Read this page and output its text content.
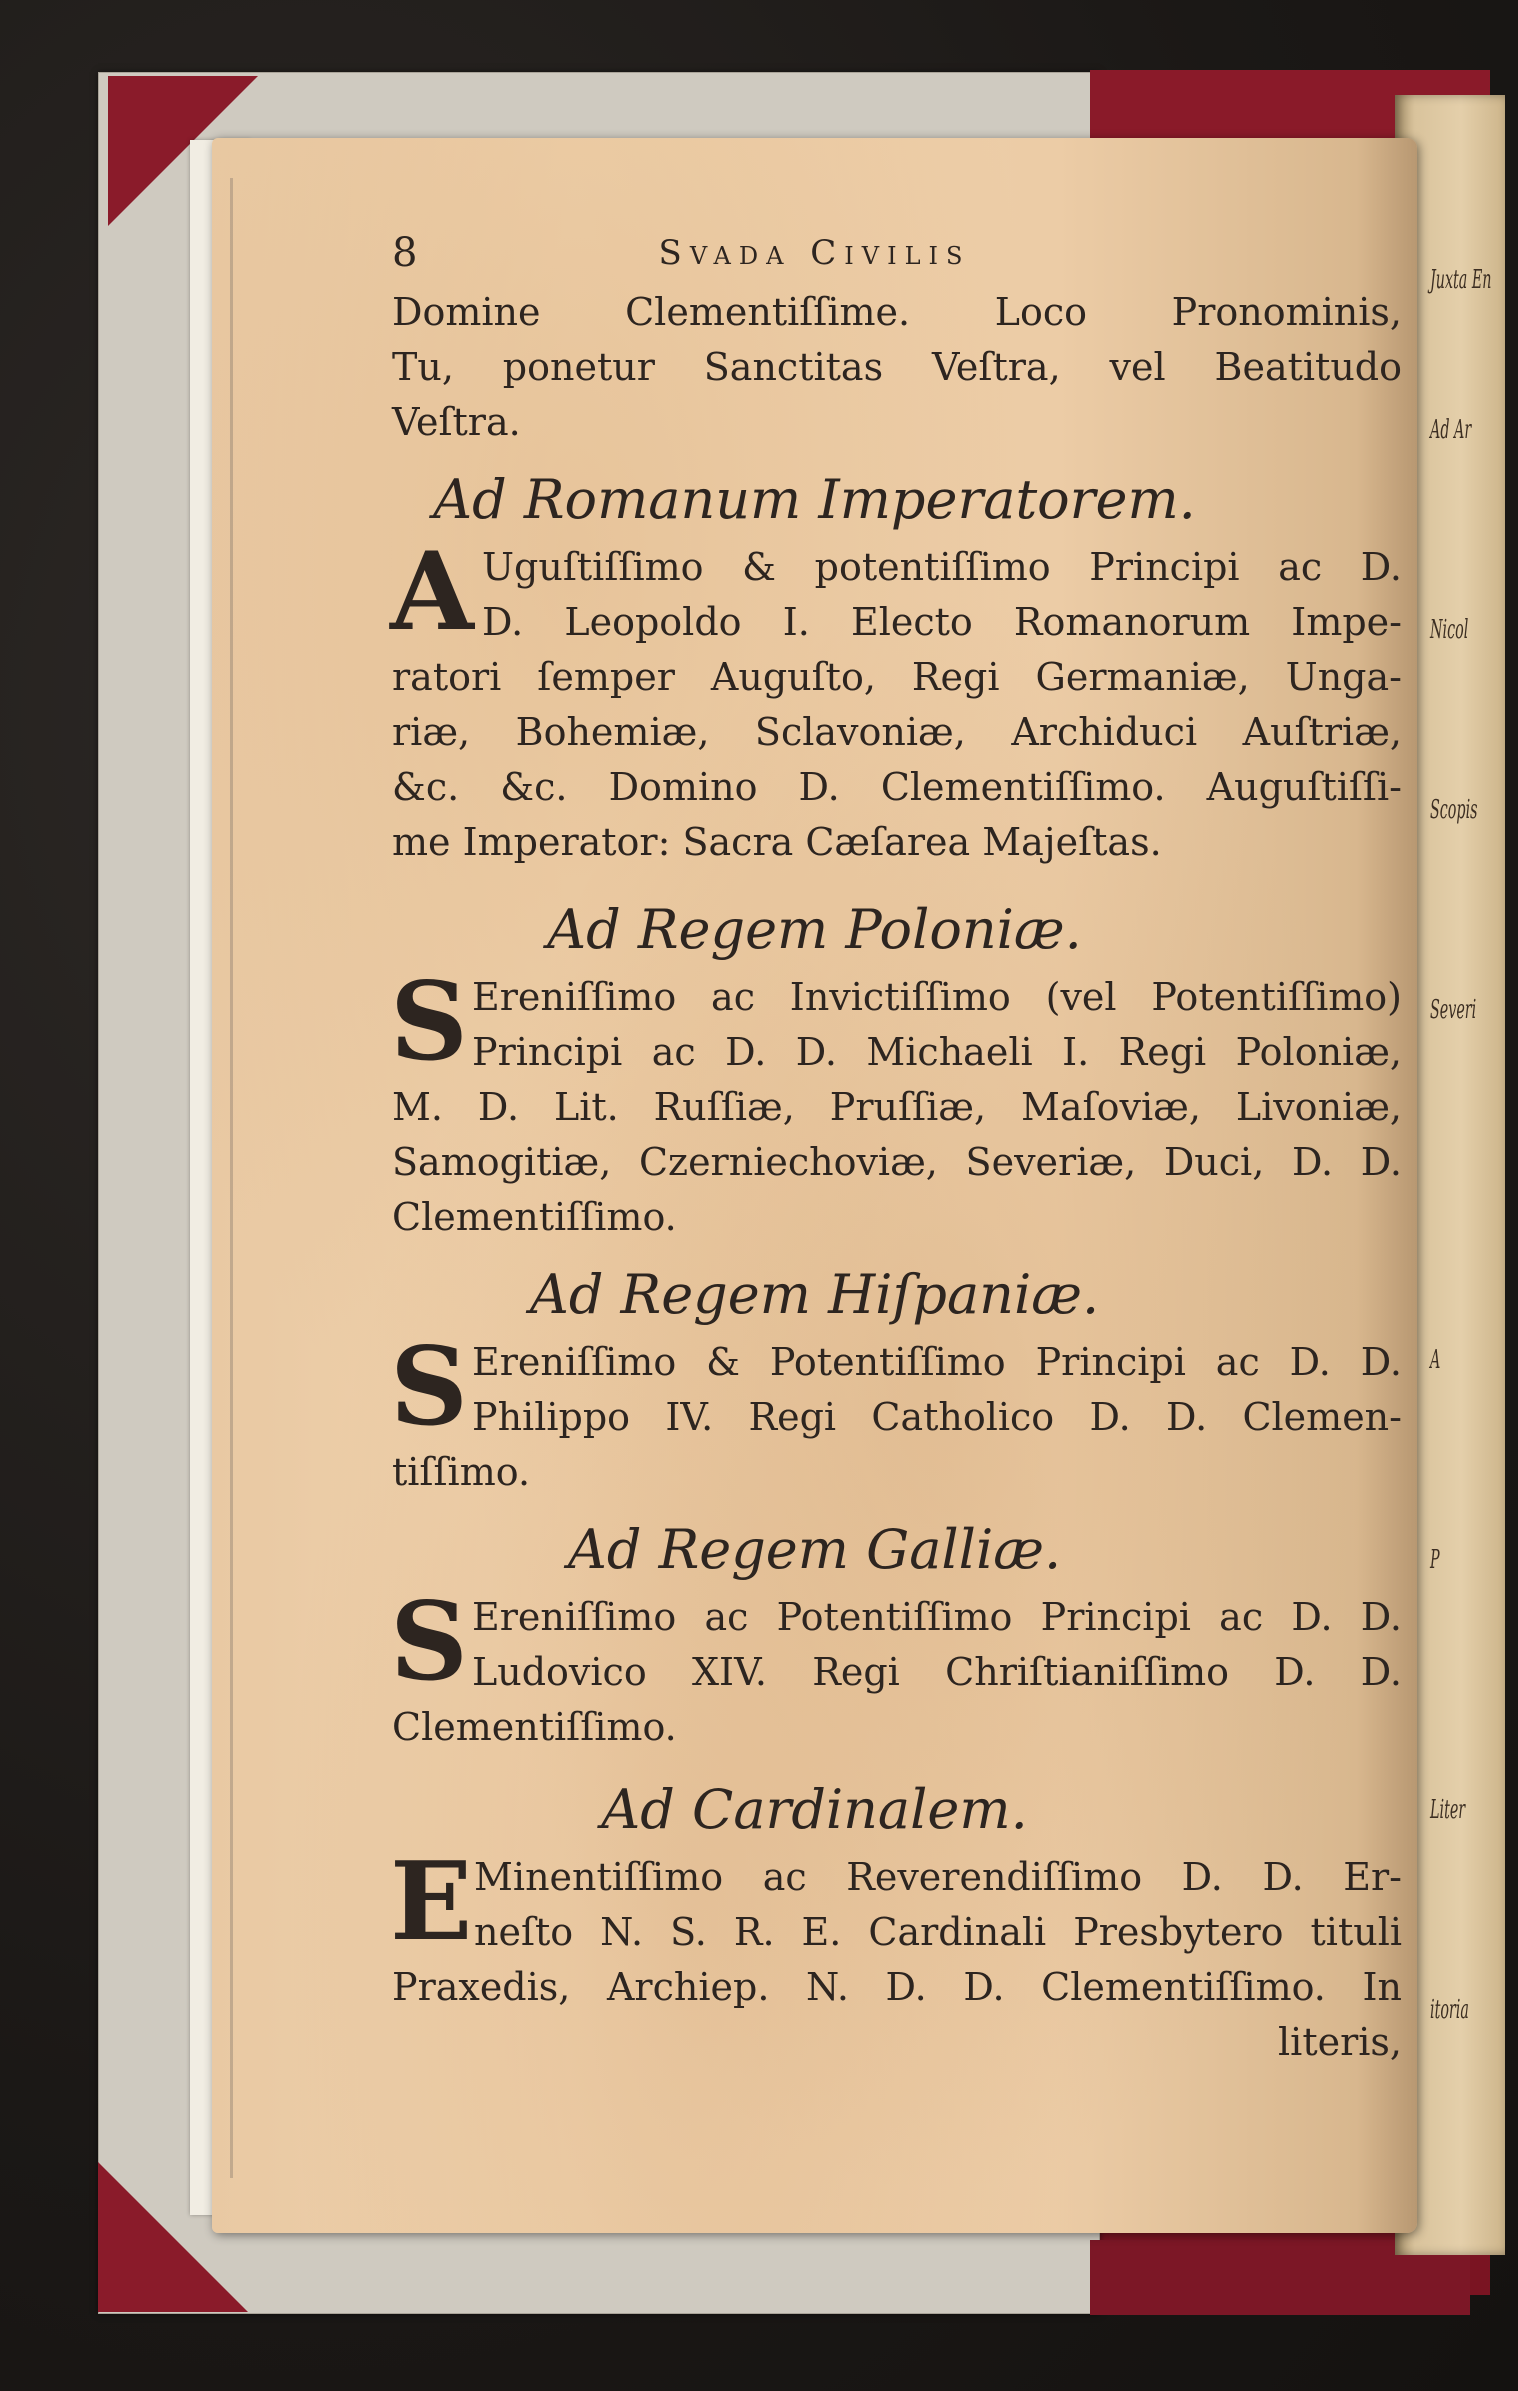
Juxta En
Ad Ar
Nicol
Scopis
Severi
A
P
Liter
itoria
8	Svada Civilis
Domine Clementiſſime. Loco Pronominis,
Tu, ponetur Sanctitas Veſtra, vel Beatitudo
Veſtra.
Ad Romanum Imperatorem.
A Uguſtiſſimo & potentiſſimo Principi ac D.
D. Leopoldo I. Electo Romanorum Impe-
ratori ſemper Auguſto, Regi Germaniæ, Unga-
riæ, Bohemiæ, Sclavoniæ, Archiduci Auſtriæ,
&c. &c. Domino D. Clementiſſimo. Auguſtiſſi-
me Imperator: Sacra Cæſarea Majeſtas.
Ad Regem Poloniæ.
S Ereniſſimo ac Invictiſſimo (vel Potentiſſimo)
Principi ac D. D. Michaeli I. Regi Poloniæ,
M. D. Lit. Ruſſiæ, Pruſſiæ, Maſoviæ, Livoniæ,
Samogitiæ, Czerniechoviæ, Severiæ, Duci, D. D.
Clementiſſimo.
Ad Regem Hiſpaniæ.
S Ereniſſimo & Potentiſſimo Principi ac D. D.
Philippo IV. Regi Catholico D. D. Clemen-
tiſſimo.
Ad Regem Galliæ.
S Ereniſſimo ac Potentiſſimo Principi ac D. D.
Ludovico XIV. Regi Chriſtianiſſimo D. D.
Clementiſſimo.
Ad Cardinalem.
E Minentiſſimo ac Reverendiſſimo D. D. Er-
neſto N. S. R. E. Cardinali Presbytero tituli
Praxedis, Archiep. N. D. D. Clementiſſimo. In
literis,
